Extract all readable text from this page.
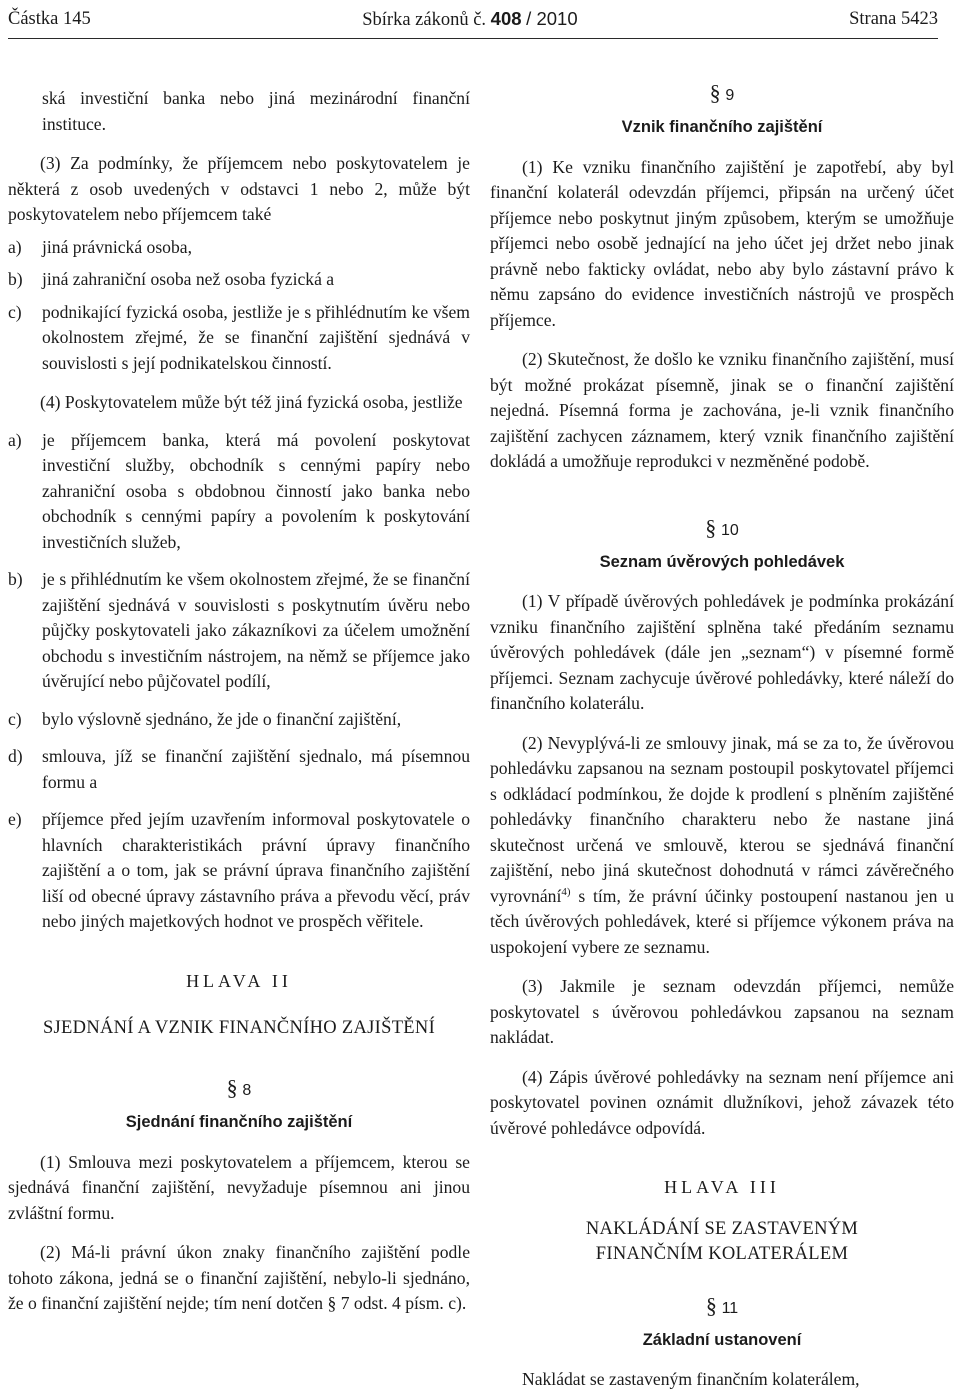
Částka 145	Sbírka zákonů č. 408 / 2010	Strana 5423

ská investiční banka nebo jiná mezinárodní finanční instituce.

(3) Za podmínky, že příjemcem nebo poskytovatelem je některá z osob uvedených v odstavci 1 nebo 2, může být poskytovatelem nebo příjemcem také

a) jiná právnická osoba,
b) jiná zahraniční osoba než osoba fyzická a
c) podnikající fyzická osoba, jestliže je s přihlédnutím ke všem okolnostem zřejmé, že se finanční zajištění sjednává v souvislosti s její podnikatelskou činností.

(4) Poskytovatelem může být též jiná fyzická osoba, jestliže

a) je příjemcem banka, která má povolení poskytovat investiční služby, obchodník s cennými papíry nebo zahraniční osoba s obdobnou činností jako banka nebo obchodník s cennými papíry a povolením k poskytování investičních služeb,
b) je s přihlédnutím ke všem okolnostem zřejmé, že se finanční zajištění sjednává v souvislosti s poskytnutím úvěru nebo půjčky poskytovateli jako zákazníkovi za účelem umožnění obchodu s investičním nástrojem, na němž se příjemce jako úvěrující nebo půjčovatel podílí,
c) bylo výslovně sjednáno, že jde o finanční zajištění,
d) smlouva, jíž se finanční zajištění sjednalo, má písemnou formu a
e) příjemce před jejím uzavřením informoval poskytovatele o hlavních charakteristikách právní úpravy finančního zajištění a o tom, jak se právní úprava finančního zajištění liší od obecné úpravy zástavního práva a převodu věcí, práv nebo jiných majetkových hodnot ve prospěch věřitele.
HLAVA II
SJEDNÁNÍ A VZNIK FINANČNÍHO ZAJIŠTĚNÍ
§ 8
Sjednání finančního zajištění

(1) Smlouva mezi poskytovatelem a příjemcem, kterou se sjednává finanční zajištění, nevyžaduje písemnou ani jinou zvláštní formu.

(2) Má-li právní úkon znaky finančního zajištění podle tohoto zákona, jedná se o finanční zajištění, nebylo-li sjednáno, že o finanční zajištění nejde; tím není dotčen § 7 odst. 4 písm. c).

§ 9
Vznik finančního zajištění

(1) Ke vzniku finančního zajištění je zapotřebí, aby byl finanční kolaterál odevzdán příjemci, připsán na určený účet příjemce nebo poskytnut jiným způsobem, kterým se umožňuje příjemci nebo osobě jednající na jeho účet jej držet nebo jinak právně nebo fakticky ovládat, nebo aby bylo zástavní právo k němu zapsáno do evidence investičních nástrojů ve prospěch příjemce.

(2) Skutečnost, že došlo ke vzniku finančního zajištění, musí být možné prokázat písemně, jinak se o finanční zajištění nejedná. Písemná forma je zachována, je-li vznik finančního zajištění zachycen záznamem, který vznik finančního zajištění dokládá a umožňuje reprodukci v nezměněné podobě.

§ 10
Seznam úvěrových pohledávek

(1) V případě úvěrových pohledávek je podmínka prokázání vzniku finančního zajištění splněna také předáním seznamu úvěrových pohledávek (dále jen „seznam“) v písemné formě příjemci. Seznam zachycuje úvěrové pohledávky, které náleží do finančního kolaterálu.

(2) Nevyplývá-li ze smlouvy jinak, má se za to, že úvěrovou pohledávku zapsanou na seznam postoupil poskytovatel příjemci s odkládací podmínkou, že dojde k prodlení s plněním zajištěné pohledávky finančního charakteru nebo že nastane jiná skutečnost určená ve smlouvě, kterou se sjednává finanční zajištění, nebo jiná skutečnost dohodnutá v rámci závěrečného vyrovnání$^{4)}$ s tím, že právní účinky postoupení nastanou jen u těch úvěrových pohledávek, které si příjemce výkonem práva na uspokojení vybere ze seznamu.

(3) Jakmile je seznam odevzdán příjemci, nemůže poskytovatel s úvěrovou pohledávkou zapsanou na seznam nakládat.

(4) Zápis úvěrové pohledávky na seznam není příjemce ani poskytovatel povinen oznámit dlužníkovi, jehož závazek této úvěrové pohledávce odpovídá.

HLAVA III
NAKLÁDÁNÍ SE ZASTAVENÝM
FINANČNÍM KOLATERÁLEM
§ 11
Základní ustanovení

Nakládat se zastaveným finančním kolaterálem,
